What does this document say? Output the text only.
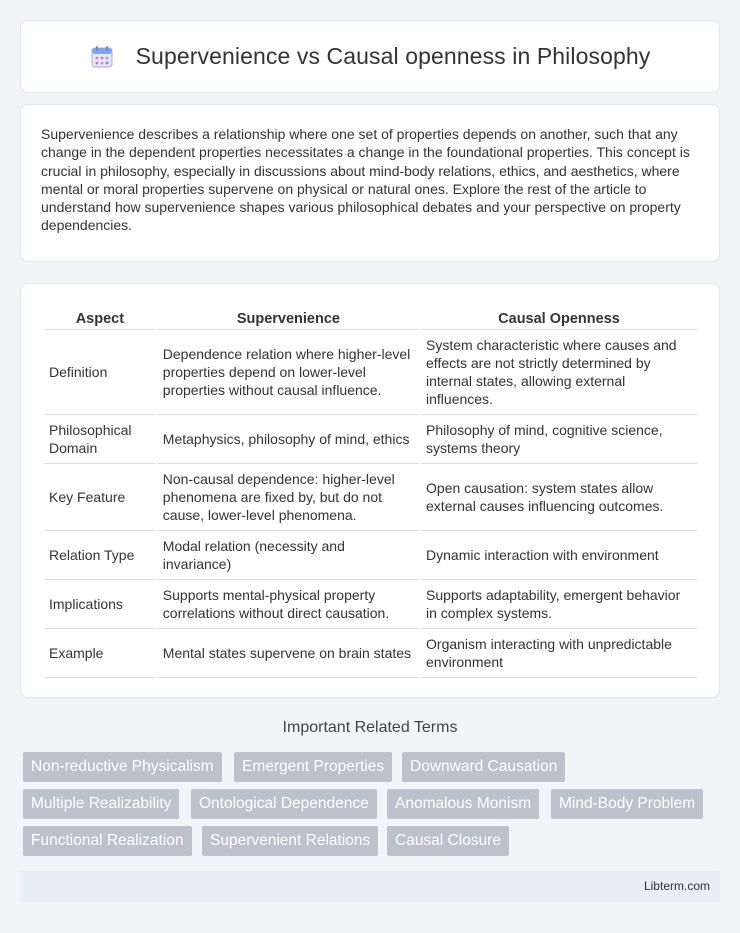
Supervenience vs Causal openness in Philosophy

Supervenience describes a relationship where one set of properties depends on another, such that any change in the dependent properties necessitates a change in the foundational properties. This concept is crucial in philosophy, especially in discussions about mind-body relations, ethics, and aesthetics, where mental or moral properties supervene on physical or natural ones. Explore the rest of the article to understand how supervenience shapes various philosophical debates and your perspective on property dependencies.

Aspect	Supervenience	Causal Openness
Definition	Dependence relation where higher-level properties depend on lower-level properties without causal influence.	System characteristic where causes and effects are not strictly determined by internal states, allowing external influences.
Philosophical Domain	Metaphysics, philosophy of mind, ethics	Philosophy of mind, cognitive science, systems theory
Key Feature	Non-causal dependence: higher-level phenomena are fixed by, but do not cause, lower-level phenomena.	Open causation: system states allow external causes influencing outcomes.
Relation Type	Modal relation (necessity and invariance)	Dynamic interaction with environment
Implications	Supports mental-physical property correlations without direct causation.	Supports adaptability, emergent behavior in complex systems.
Example	Mental states supervene on brain states	Organism interacting with unpredictable environment
Important Related Terms
Non-reductive Physicalism	Emergent Properties	Downward Causation
Multiple Realizability	Ontological Dependence	Anomalous Monism	Mind-Body Problem
Functional Realization	Supervenient Relations	Causal Closure
Libterm.com
